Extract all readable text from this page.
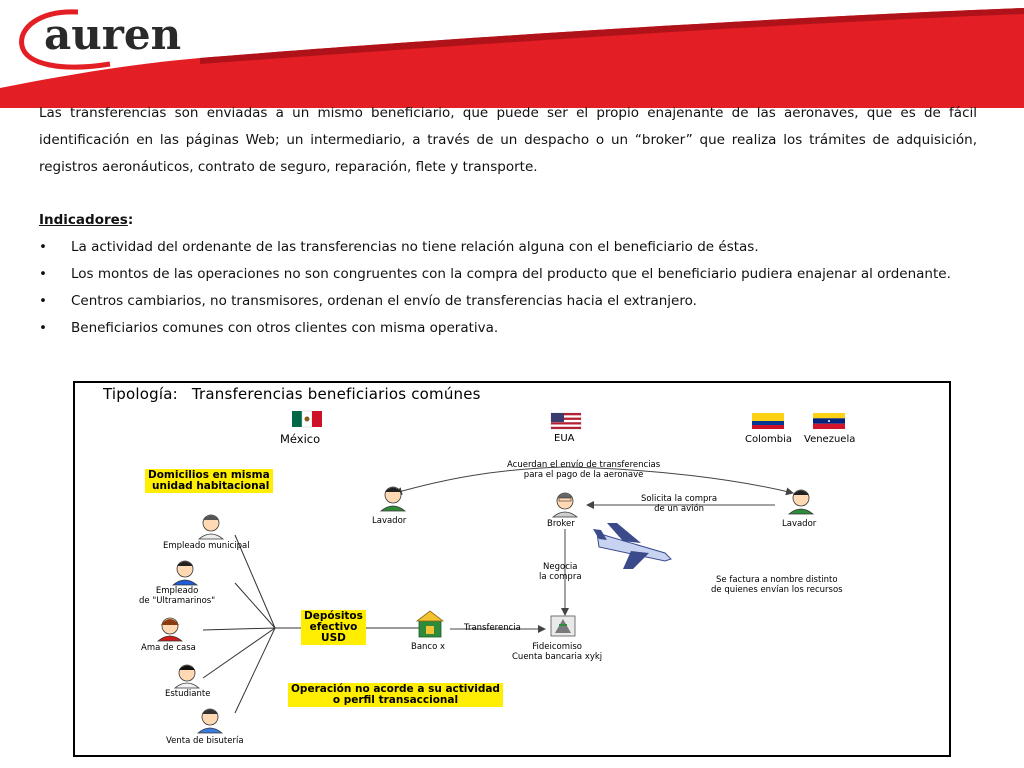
auren

Las transferencias son enviadas a un mismo beneficiario, que puede ser el propio enajenante de las aeronaves, que es de fácil identificación en las páginas Web; un intermediario, a través de un despacho o un “broker” que realiza los trámites de adquisición, registros aeronáuticos, contrato de seguro, reparación, flete y transporte.

Indicadores:

• La actividad del ordenante de las transferencias no tiene relación alguna con el beneficiario de éstas.
• Los montos de las operaciones no son congruentes con la compra del producto que el beneficiario pudiera enajenar al ordenante.
• Centros cambiarios, no transmisores, ordenan el envío de transferencias hacia el extranjero.
• Beneficiarios comunes con otros clientes con misma operativa.
Tipología: Transferencias beneficiarios comúnes
México	EUA	Colombia Venezuela
Domicilios en misma
unidad habitacional
Depósitos
efectivo
USD
Operación no acorde a su actividad
o perfil transaccional
Empleado municipal
Empleado
de "Ultramarinos"
Ama de casa
Estudiante
Venta de bisutería
Lavador	Broker	Lavador
Acuerdan el envío de transferencias
para el pago de la aeronave
Solicita la compra
de un avión
Negocia
la compra
Transferencia
Banco x	Fideicomiso
Cuenta bancaria xykj
Se factura a nombre distinto
de quienes envían los recursos
